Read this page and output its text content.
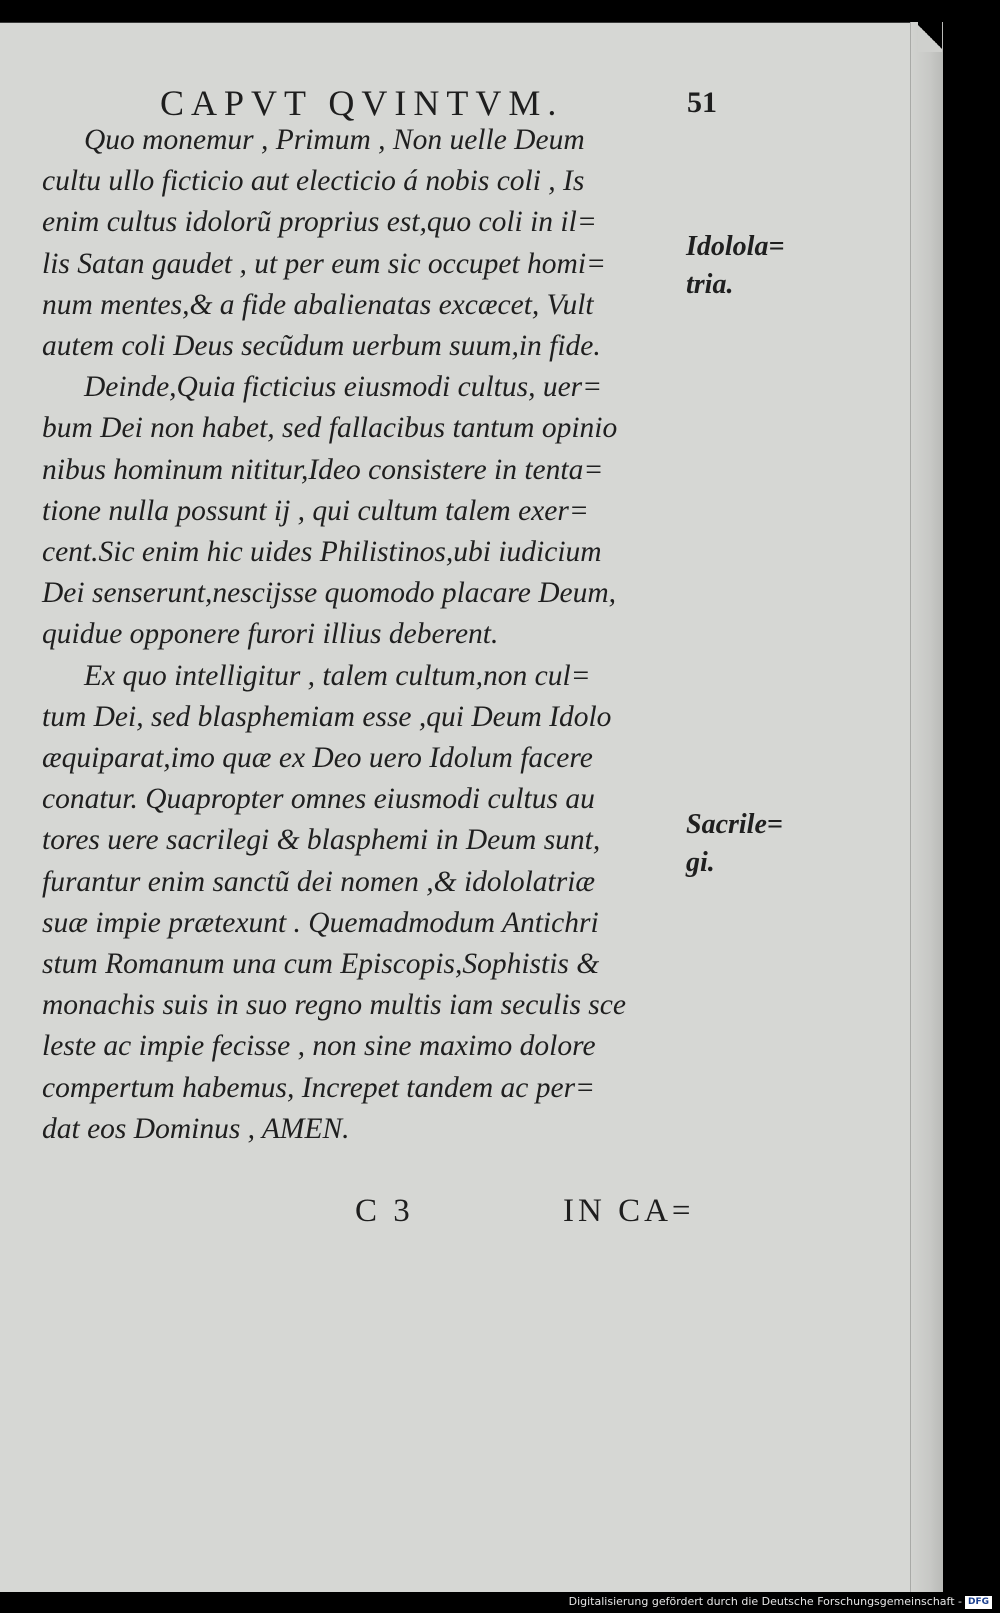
CAPVT QVINTVM.	51
Quo monemur , Primum , Non uelle Deum
cultu ullo ficticio aut electicio á nobis coli , Is
enim cultus idolorũ proprius est,quo coli in il=
lis Satan gaudet , ut per eum sic occupet homi=
num mentes,& a fide abalienatas excæcet, Vult
autem coli Deus secũdum uerbum suum,in fide.
Deinde,Quia ficticius eiusmodi cultus, uer=
bum Dei non habet, sed fallacibus tantum opinio
nibus hominum nititur,Ideo consistere in tenta=
tione nulla possunt ij , qui cultum talem exer=
cent.Sic enim hic uides Philistinos,ubi iudicium
Dei senserunt,nescijsse quomodo placare Deum,
quidue opponere furori illius deberent.
Ex quo intelligitur , talem cultum,non cul=
tum Dei, sed blasphemiam esse ,qui Deum Idolo
æquiparat,imo quæ ex Deo uero Idolum facere
conatur. Quapropter omnes eiusmodi cultus au
tores uere sacrilegi & blasphemi in Deum sunt,
furantur enim sanctũ dei nomen ,& idololatriæ
suæ impie prætexunt . Quemadmodum Antichri
stum Romanum una cum Episcopis,Sophistis &
monachis suis in suo regno multis iam seculis sce
leste ac impie fecisse , non sine maximo dolore
compertum habemus, Increpet tandem ac per=
dat eos Dominus , AMEN.
Idolola=
tria.
Sacrile=
gi.
C 3	IN CA=
Digitalisierung gefördert durch die Deutsche Forschungsgemeinschaft - DFG
